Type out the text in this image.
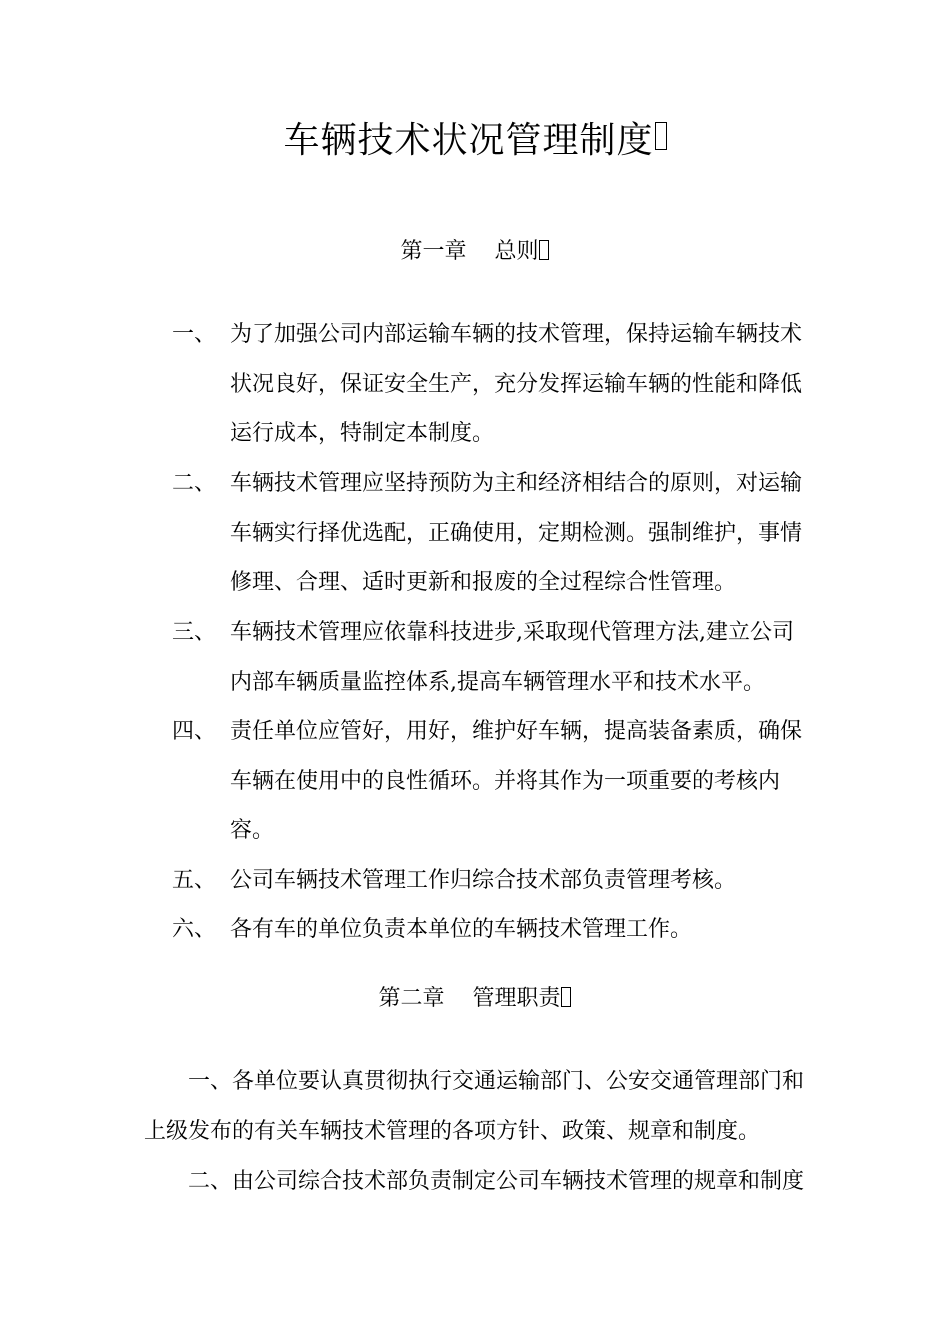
车辆技术状况管理制度
第一章    总则
一、 为了加强公司内部运输车辆的技术管理，保持运输车辆技术状况良好，保证安全生产，充分发挥运输车辆的性能和降低运行成本，特制定本制度。
二、 车辆技术管理应坚持预防为主和经济相结合的原则，对运输车辆实行择优选配，正确使用，定期检测。强制维护，事情修理、合理、适时更新和报废的全过程综合性管理。
三、 车辆技术管理应依靠科技进步,采取现代管理方法,建立公司内部车辆质量监控体系,提高车辆管理水平和技术水平。
四、 责任单位应管好，用好，维护好车辆，提高装备素质，确保车辆在使用中的良性循环。并将其作为一项重要的考核内容。
五、 公司车辆技术管理工作归综合技术部负责管理考核。
六、 各有车的单位负责本单位的车辆技术管理工作。
第二章    管理职责

一、各单位要认真贯彻执行交通运输部门、公安交通管理部门和上级发布的有关车辆技术管理的各项方针、政策、规章和制度。

二、由公司综合技术部负责制定公司车辆技术管理的规章和制度
